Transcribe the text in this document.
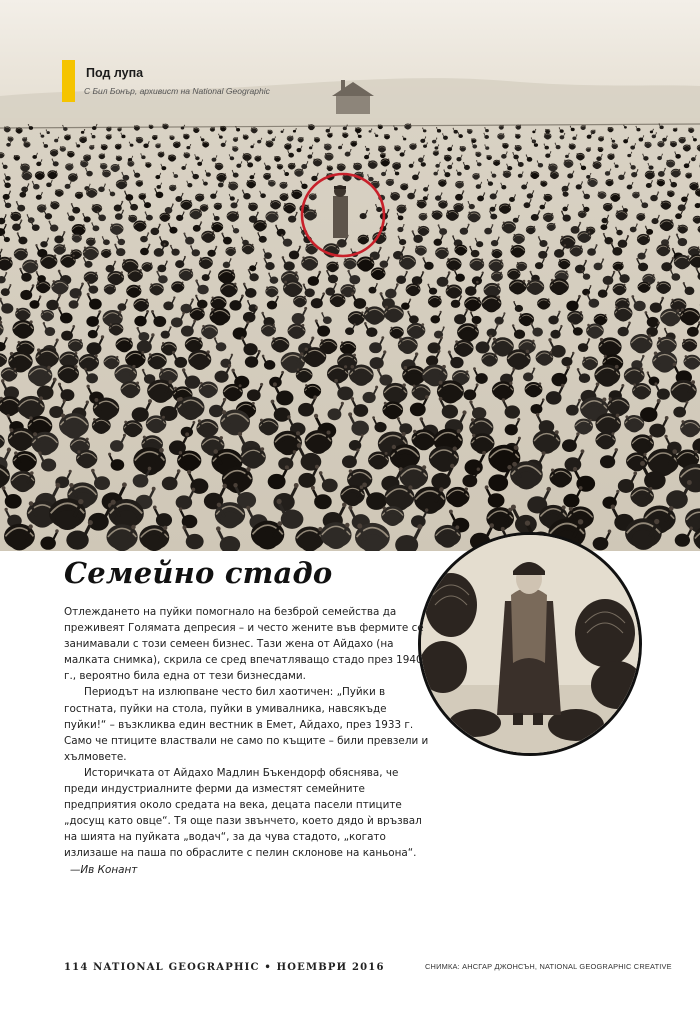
Под лупа
С Бил Бонър, архивист на National Geographic
Семейно стадо

Отлеждането на пуйки помогнало на безброй семейства да преживеят Голямата депресия – и често жените във фермите се занимавали с този семеен бизнес. Тази жена от Айдахо (на малката снимка), скрила се сред впечатляващо стадо през 1940 г., вероятно била една от тези бизнесдами.

Периодът на излюпване често бил хаотичен: „Пуйки в гостната, пуйки на стола, пуйки в умивалника, навсякъде пуйки!“ – възкликва един вестник в Емет, Айдахо, през 1933 г. Само че птиците властвали не само по къщите – били превзели и хълмовете.

Историчката от Айдахо Мадлин Бъкендорф обяснява, че преди индустриалните ферми да изместят семейните предприятия около средата на века, децата пасели птиците „досущ като овце“. Тя още пази звънчето, което дядо ѝ връзвал на шията на пуйката „водач“, за да чува стадото, „когато излизаше на паша по обраслите с пелин склонове на каньона“.—Ив Конант

114 NATIONAL GEOGRAPHIC • НОЕМВРИ 2016	СНИМКА: АНСГАР ДЖОНСЪН, NATIONAL GEOGRAPHIC CREATIVE
